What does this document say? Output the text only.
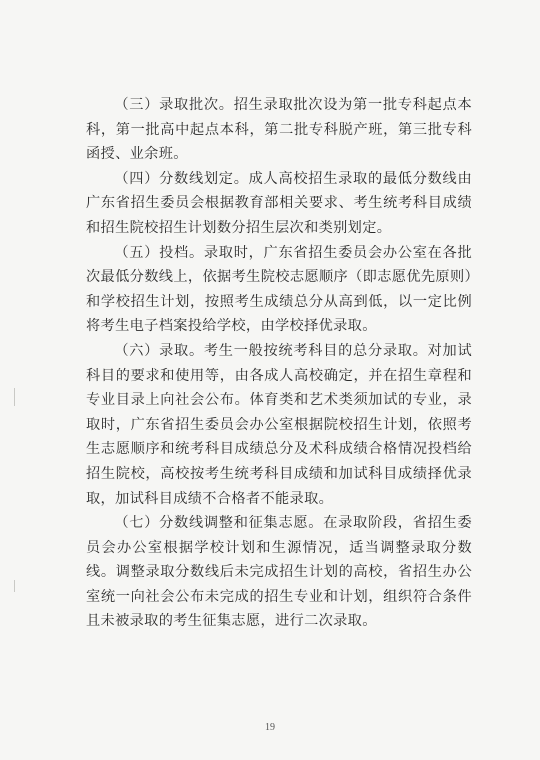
（三）录取批次。招生录取批次设为第一批专科起点本科，第一批高中起点本科，第二批专科脱产班，第三批专科函授、业余班。

（四）分数线划定。成人高校招生录取的最低分数线由广东省招生委员会根据教育部相关要求、考生统考科目成绩和招生院校招生计划数分招生层次和类别划定。

（五）投档。录取时，广东省招生委员会办公室在各批次最低分数线上，依据考生院校志愿顺序（即志愿优先原则）和学校招生计划，按照考生成绩总分从高到低，以一定比例将考生电子档案投给学校，由学校择优录取。

（六）录取。考生一般按统考科目的总分录取。对加试科目的要求和使用等，由各成人高校确定，并在招生章程和专业目录上向社会公布。体育类和艺术类须加试的专业，录取时，广东省招生委员会办公室根据院校招生计划，依照考生志愿顺序和统考科目成绩总分及术科成绩合格情况投档给招生院校，高校按考生统考科目成绩和加试科目成绩择优录取，加试科目成绩不合格者不能录取。

（七）分数线调整和征集志愿。在录取阶段，省招生委员会办公室根据学校计划和生源情况，适当调整录取分数线。调整录取分数线后未完成招生计划的高校，省招生办公室统一向社会公布未完成的招生专业和计划，组织符合条件且未被录取的考生征集志愿，进行二次录取。

19
